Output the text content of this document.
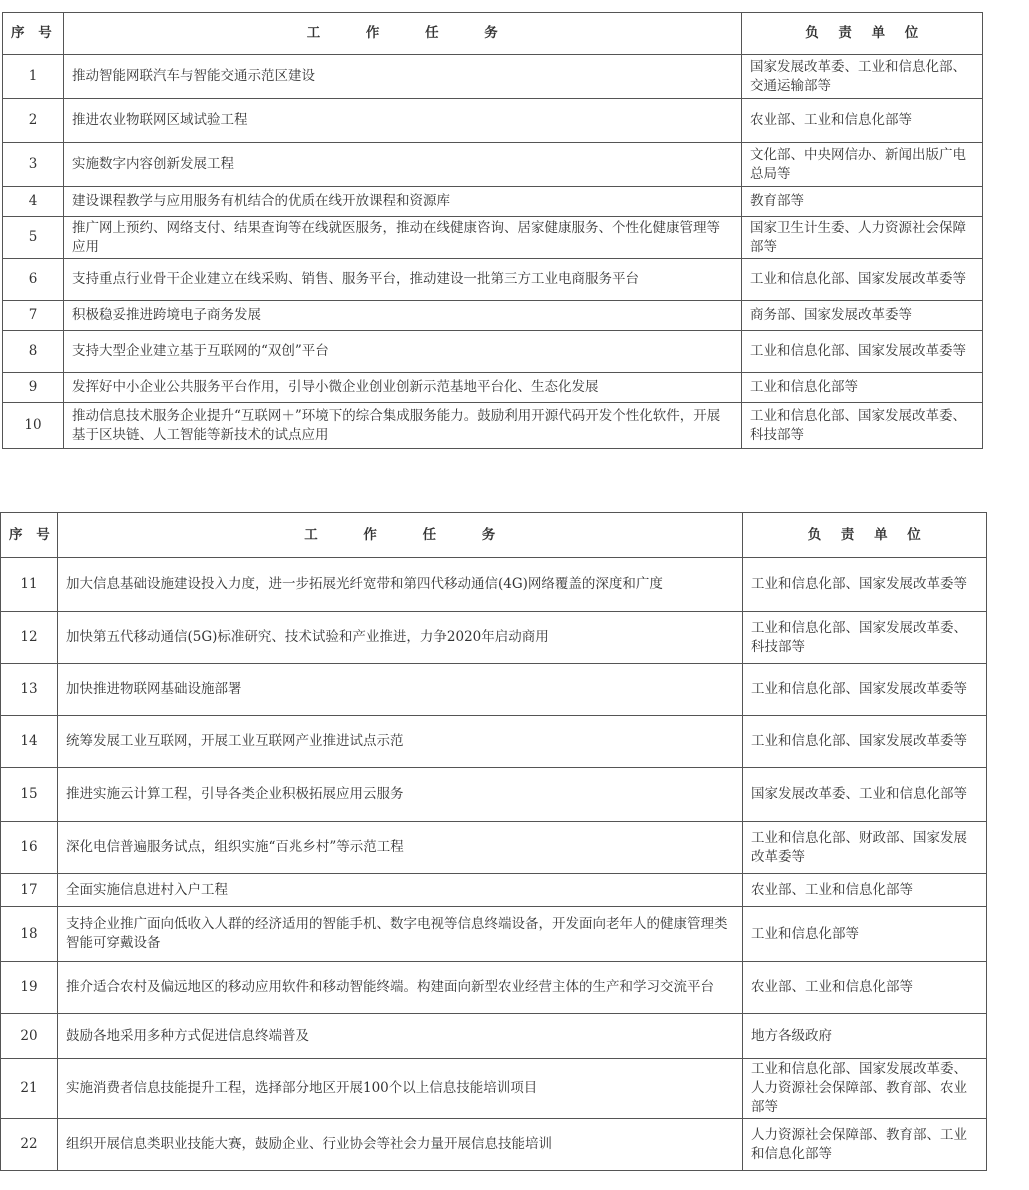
序 号	工 作 任 务	负 责 单 位
1	推动智能网联汽车与智能交通示范区建设	国家发展改革委、工业和信息化部、交通运输部等
2	推进农业物联网区域试验工程	农业部、工业和信息化部等
3	实施数字内容创新发展工程	文化部、中央网信办、新闻出版广电总局等
4	建设课程教学与应用服务有机结合的优质在线开放课程和资源库	教育部等
5	推广网上预约、网络支付、结果查询等在线就医服务，推动在线健康咨询、居家健康服务、个性化健康管理等应用	国家卫生计生委、人力资源社会保障部等
6	支持重点行业骨干企业建立在线采购、销售、服务平台，推动建设一批第三方工业电商服务平台	工业和信息化部、国家发展改革委等
7	积极稳妥推进跨境电子商务发展	商务部、国家发展改革委等
8	支持大型企业建立基于互联网的“双创”平台	工业和信息化部、国家发展改革委等
9	发挥好中小企业公共服务平台作用，引导小微企业创业创新示范基地平台化、生态化发展	工业和信息化部等
10	推动信息技术服务企业提升“互联网＋”环境下的综合集成服务能力。鼓励利用开源代码开发个性化软件，开展基于区块链、人工智能等新技术的试点应用	工业和信息化部、国家发展改革委、科技部等
序 号	工 作 任 务	负 责 单 位
11	加大信息基础设施建设投入力度，进一步拓展光纤宽带和第四代移动通信(4G)网络覆盖的深度和广度	工业和信息化部、国家发展改革委等
12	加快第五代移动通信(5G)标准研究、技术试验和产业推进，力争2020年启动商用	工业和信息化部、国家发展改革委、科技部等
13	加快推进物联网基础设施部署	工业和信息化部、国家发展改革委等
14	统筹发展工业互联网，开展工业互联网产业推进试点示范	工业和信息化部、国家发展改革委等
15	推进实施云计算工程，引导各类企业积极拓展应用云服务	国家发展改革委、工业和信息化部等
16	深化电信普遍服务试点，组织实施“百兆乡村”等示范工程	工业和信息化部、财政部、国家发展改革委等
17	全面实施信息进村入户工程	农业部、工业和信息化部等
18	支持企业推广面向低收入人群的经济适用的智能手机、数字电视等信息终端设备，开发面向老年人的健康管理类智能可穿戴设备	工业和信息化部等
19	推介适合农村及偏远地区的移动应用软件和移动智能终端。构建面向新型农业经营主体的生产和学习交流平台	农业部、工业和信息化部等
20	鼓励各地采用多种方式促进信息终端普及	地方各级政府
21	实施消费者信息技能提升工程，选择部分地区开展100个以上信息技能培训项目	工业和信息化部、国家发展改革委、人力资源社会保障部、教育部、农业部等
22	组织开展信息类职业技能大赛，鼓励企业、行业协会等社会力量开展信息技能培训	人力资源社会保障部、教育部、工业和信息化部等
